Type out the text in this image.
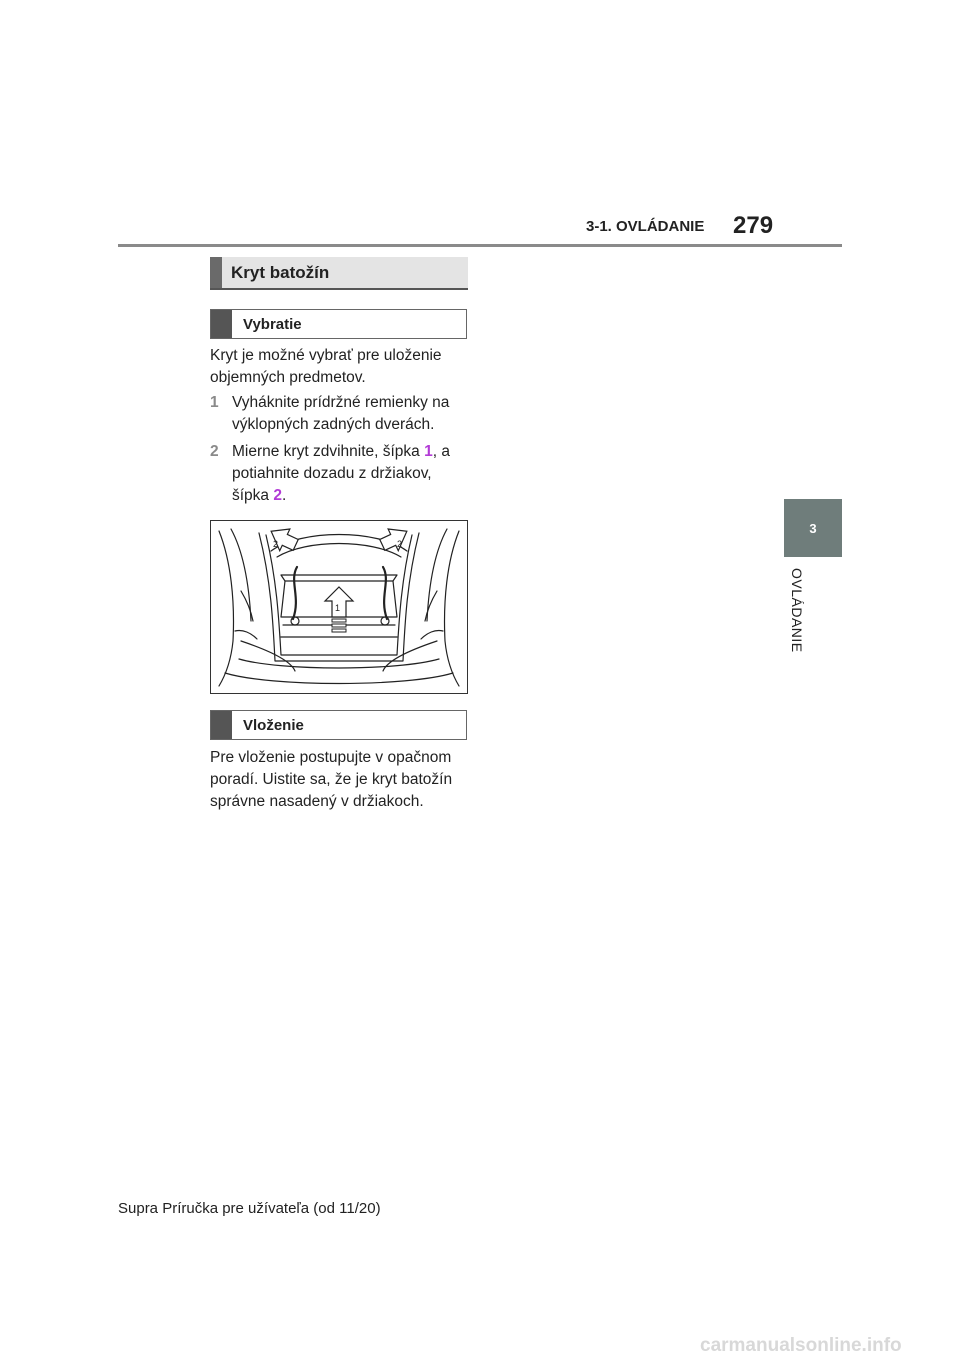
3-1. OVLÁDANIE 279
3
OVLÁDANIE
Kryt batožín
Vybratie
Kryt je možné vybrať pre uloženie objemných predmetov.
1 Vyháknite prídržné remienky na výklopných zadných dverách.
2 Mierne kryt zdvihnite, šípka 1, a potiahnite dozadu z držiakov, šípka 2.
1
2	2
Vloženie
Pre vloženie postupujte v opačnom poradí. Uistite sa, že je kryt batožín správne nasadený v držiakoch.
Supra Príručka pre užívateľa (od 11/20)
carmanualsonline.info
